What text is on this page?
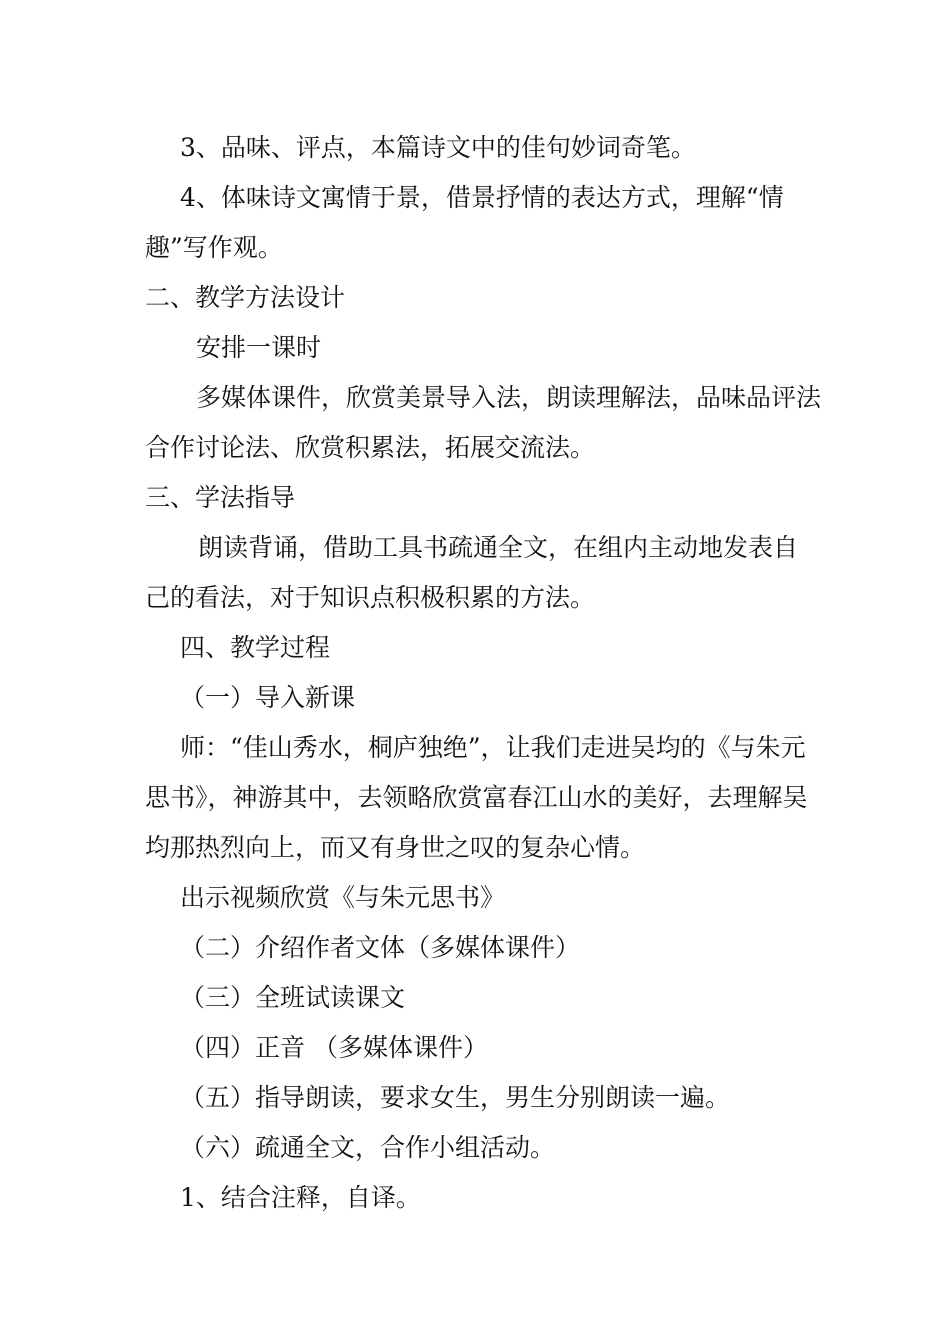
3、品味、评点，本篇诗文中的佳句妙词奇笔。
4、体味诗文寓情于景，借景抒情的表达方式，理解“情
趣”写作观。
二、教学方法设计
安排一课时
多媒体课件，欣赏美景导入法，朗读理解法，品味品评法
合作讨论法、欣赏积累法，拓展交流法。
三、学法指导
朗读背诵，借助工具书疏通全文，在组内主动地发表自
己的看法，对于知识点积极积累的方法。
四、教学过程
（一）导入新课
师：“佳山秀水，桐庐独绝”，让我们走进吴均的《与朱元
思书》，神游其中，去领略欣赏富春江山水的美好，去理解吴
均那热烈向上，而又有身世之叹的复杂心情。
出示视频欣赏《与朱元思书》
（二）介绍作者文体（多媒体课件）
（三）全班试读课文
（四）正音 （多媒体课件）
（五）指导朗读，要求女生，男生分别朗读一遍。
（六）疏通全文，合作小组活动。
1、结合注释，自译。
